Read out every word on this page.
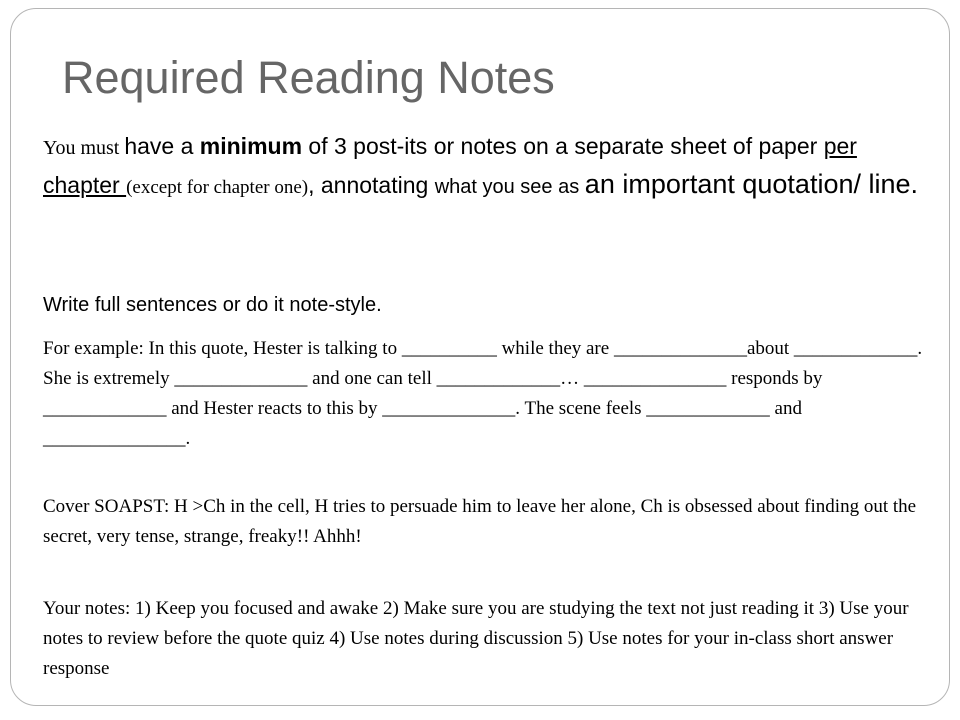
Required Reading Notes

You must have a minimum of 3 post-its or notes on a separate sheet of paper per chapter (except for chapter one), annotating what you see as an important quotation/ line.

Write full sentences or do it note-style.

For example: In this quote, Hester is talking to __________ while they are ______________about _____________. She is extremely ______________ and one can tell _____________… _______________ responds by _____________ and Hester reacts to this by ______________. The scene feels _____________ and _______________.

Cover SOAPST: H >Ch in the cell, H tries to persuade him to leave her alone, Ch is obsessed about finding out the secret, very tense, strange, freaky!! Ahhh!

Your notes: 1) Keep you focused and awake 2) Make sure you are studying the text not just reading it 3) Use your notes to review before the quote quiz 4) Use notes during discussion 5) Use notes for your in-class short answer response
